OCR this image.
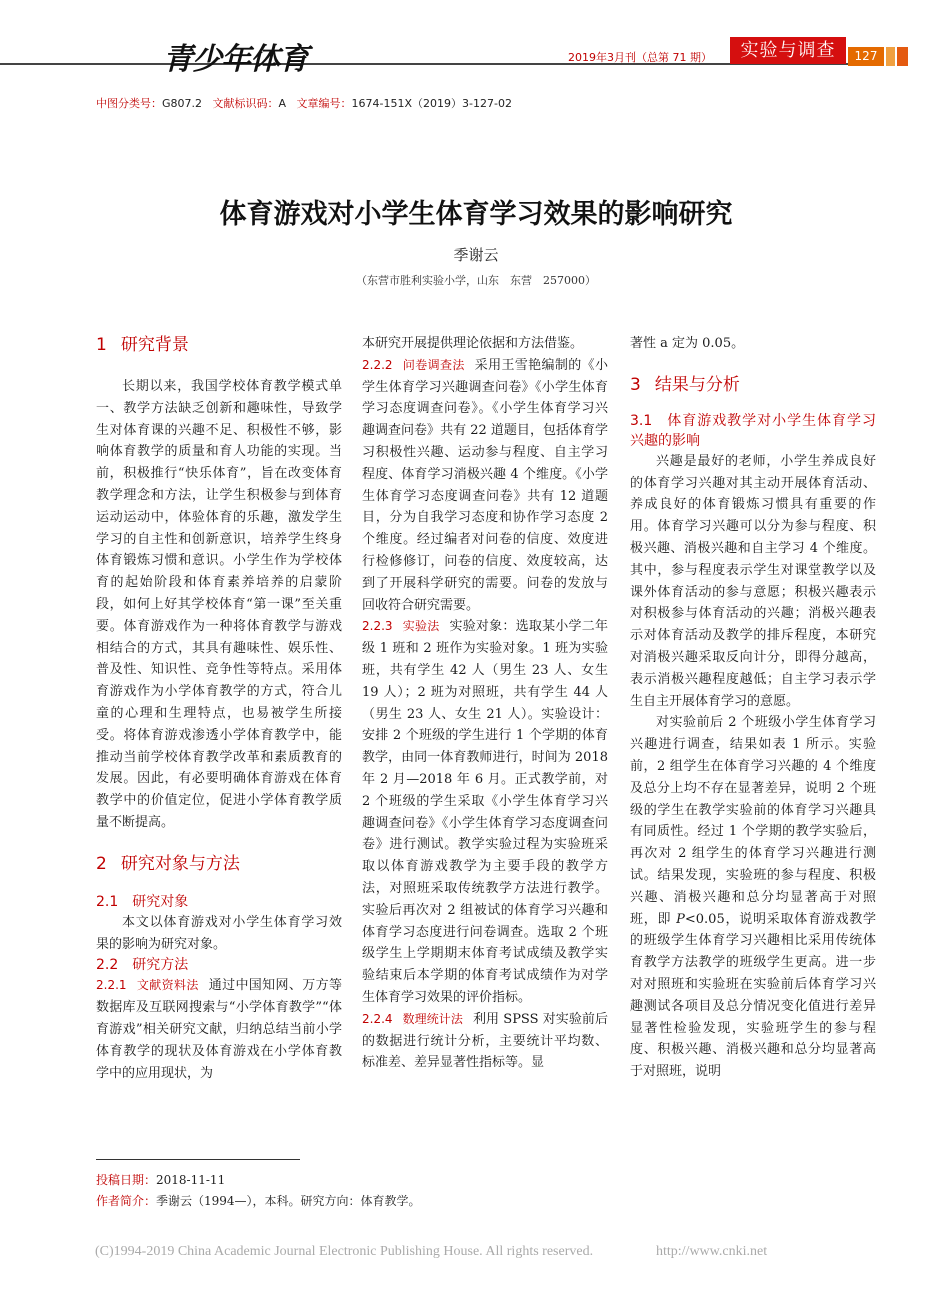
青少年体育	2019年3月刊（总第 71 期）	实验与调查	127
中图分类号：G807.2 文献标识码：A 文章编号：1674-151X（2019）3-127-02
体育游戏对小学生体育学习效果的影响研究
季谢云
（东营市胜利实验小学，山东　东营　257000）
1 研究背景

长期以来，我国学校体育教学模式单一、教学方法缺乏创新和趣味性，导致学生对体育课的兴趣不足、积极性不够，影响体育教学的质量和育人功能的实现。当前，积极推行“快乐体育”，旨在改变体育教学理念和方法，让学生积极参与到体育运动运动中，体验体育的乐趣，激发学生学习的自主性和创新意识，培养学生终身体育锻炼习惯和意识。小学生作为学校体育的起始阶段和体育素养培养的启蒙阶段，如何上好其学校体育“第一课”至关重要。体育游戏作为一种将体育教学与游戏相结合的方式，其具有趣味性、娱乐性、普及性、知识性、竞争性等特点。采用体育游戏作为小学体育教学的方式，符合儿童的心理和生理特点，也易被学生所接受。将体育游戏渗透小学体育教学中，能推动当前学校体育教学改革和素质教育的发展。因此，有必要明确体育游戏在体育教学中的价值定位，促进小学体育教学质量不断提高。

2 研究对象与方法
2.1 研究对象

本文以体育游戏对小学生体育学习效果的影响为研究对象。

2.2 研究方法

2.2.1 文献资料法 通过中国知网、万方等数据库及互联网搜索与“小学体育教学”“体育游戏”相关研究文献，归纳总结当前小学体育教学的现状及体育游戏在小学体育教学中的应用现状，为

本研究开展提供理论依据和方法借鉴。

2.2.2 问卷调查法 采用王雪艳编制的《小学生体育学习兴趣调查问卷》《小学生体育学习态度调查问卷》。《小学生体育学习兴趣调查问卷》共有 22 道题目，包括体育学习积极性兴趣、运动参与程度、自主学习程度、体育学习消极兴趣 4 个维度。《小学生体育学习态度调查问卷》共有 12 道题目，分为自我学习态度和协作学习态度 2 个维度。经过编者对问卷的信度、效度进行检修修订，问卷的信度、效度较高，达到了开展科学研究的需要。问卷的发放与回收符合研究需要。

2.2.3 实验法 实验对象：选取某小学二年级 1 班和 2 班作为实验对象。1 班为实验班，共有学生 42 人（男生 23 人、女生 19 人）；2 班为对照班，共有学生 44 人（男生 23 人、女生 21 人）。实验设计：安排 2 个班级的学生进行 1 个学期的体育教学，由同一体育教师进行，时间为 2018 年 2 月—2018 年 6 月。正式教学前，对 2 个班级的学生采取《小学生体育学习兴趣调查问卷》《小学生体育学习态度调查问卷》进行测试。教学实验过程为实验班采取以体育游戏教学为主要手段的教学方法，对照班采取传统教学方法进行教学。实验后再次对 2 组被试的体育学习兴趣和体育学习态度进行问卷调查。选取 2 个班级学生上学期期末体育考试成绩及教学实验结束后本学期的体育考试成绩作为对学生体育学习效果的评价指标。

2.2.4 数理统计法 利用 SPSS 对实验前后的数据进行统计分析，主要统计平均数、标准差、差异显著性指标等。显

著性 a 定为 0.05。

3 结果与分析
3.1 体育游戏教学对小学生体育学习兴趣的影响

兴趣是最好的老师，小学生养成良好的体育学习兴趣对其主动开展体育活动、养成良好的体育锻炼习惯具有重要的作用。体育学习兴趣可以分为参与程度、积极兴趣、消极兴趣和自主学习 4 个维度。其中，参与程度表示学生对课堂教学以及课外体育活动的参与意愿；积极兴趣表示对积极参与体育活动的兴趣；消极兴趣表示对体育活动及教学的排斥程度，本研究对消极兴趣采取反向计分，即得分越高，表示消极兴趣程度越低；自主学习表示学生自主开展体育学习的意愿。

对实验前后 2 个班级小学生体育学习兴趣进行调查，结果如表 1 所示。实验前，2 组学生在体育学习兴趣的 4 个维度及总分上均不存在显著差异，说明 2 个班级的学生在教学实验前的体育学习兴趣具有同质性。经过 1 个学期的教学实验后，再次对 2 组学生的体育学习兴趣进行测试。结果发现，实验班的参与程度、积极兴趣、消极兴趣和总分均显著高于对照班，即 P<0.05，说明采取体育游戏教学的班级学生体育学习兴趣相比采用传统体育教学方法教学的班级学生更高。进一步对对照班和实验班在实验前后体育学习兴趣测试各项目及总分情况变化值进行差异显著性检验发现，实验班学生的参与程度、积极兴趣、消极兴趣和总分均显著高于对照班，说明

投稿日期：2018-11-11
作者简介：季谢云（1994—），本科。研究方向：体育教学。
(C)1994-2019 China Academic Journal Electronic Publishing House. All rights reserved.	http://www.cnki.net
